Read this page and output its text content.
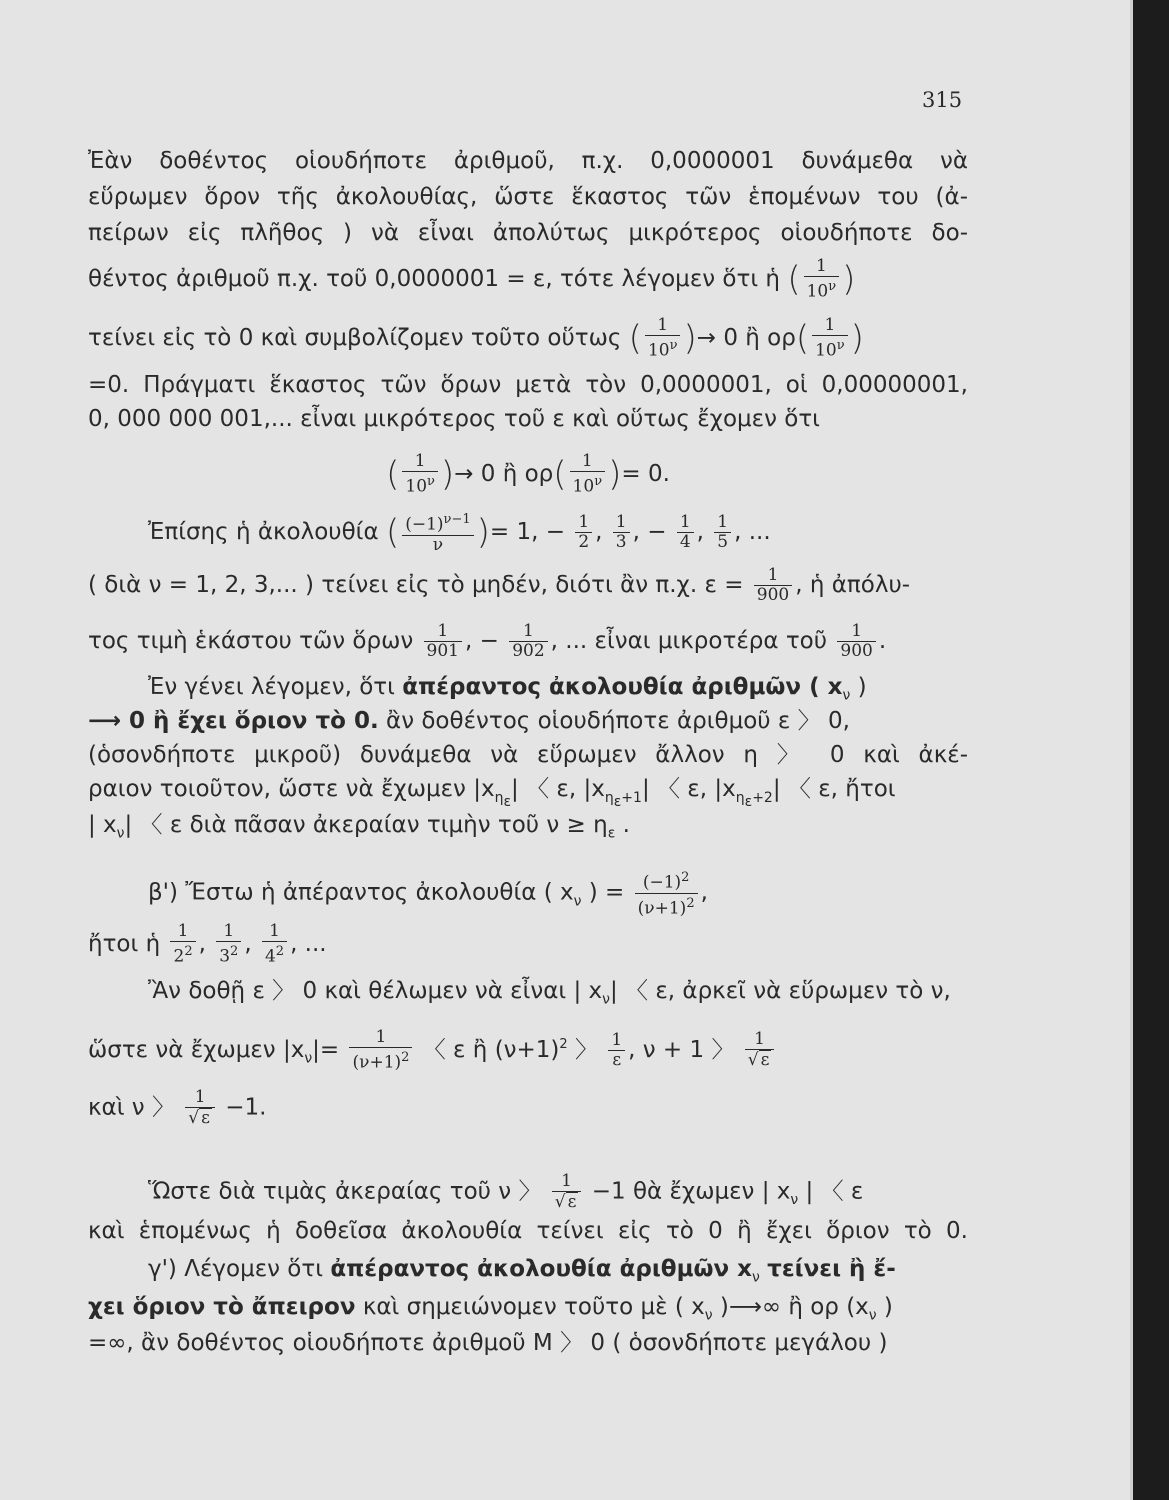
315
Ἐὰν δοθέντος οἱουδήποτε ἀριθμοῦ, π.χ. 0,0000001 δυνάμεθα νὰ
εὕρωμεν ὅρον τῆς ἀκολουθίας, ὥστε ἕκαστος τῶν ἑπομένων του (ἀ-
πείρων εἰς πλῆθος ) νὰ εἶναι ἀπολύτως μικρότερος οἱουδήποτε δο-
θέντος ἀριθμοῦ π.χ. τοῦ 0,0000001 = ε, τότε λέγομεν ὅτι ἡ ( $\frac{1}{10^\nu}$ )
τείνει εἰς τὸ 0 καὶ συμβολίζομεν τοῦτο οὕτως ( $\frac{1}{10^\nu}$ )→ 0 ἢ $o\rho( \frac{1}{10^\nu}$ )
=0. Πράγματι ἕκαστος τῶν ὅρων μετὰ τὸν 0,0000001, οἱ 0,00000001,
0, 000 000 001,... εἶναι μικρότερος τοῦ ε καὶ οὕτως ἔχομεν ὅτι
( $\frac{1}{10^\nu}$ )→ 0 ἢ $o\rho( \frac{1}{10^\nu}$ )= 0.
Ἐπίσης ἡ ἀκολουθία ( $\frac{(-1)^{\nu-1}}{\nu}$ )= 1, − $\frac{1}{2}$ , $\frac{1}{3}$ , − $\frac{1}{4}$ , $\frac{1}{5}$ , ...
( διὰ ν = 1, 2, 3,... ) τείνει εἰς τὸ μηδέν, διότι ἂν π.χ. $\varepsilon = \frac{1}{900}$ , ἡ ἀπόλυ-
τος τιμὴ ἑκάστου τῶν ὅρων $\frac{1}{901}$ , − $\frac{1}{902}$ , ... εἶναι μικροτέρα τοῦ $\frac{1}{900}$ .
Ἐν γένει λέγομεν, ὅτι ἀπέραντος ἀκολουθία ἀριθμῶν ( $x_\nu$ )
⟶ 0 ἢ ἔχει ὅριον τὸ 0. ἂν δοθέντος οἱουδήποτε ἀριθμοῦ ε 〉 0,
(ὁσονδήποτε μικροῦ) δυνάμεθα νὰ εὕρωμεν ἄλλον η 〉 0 καὶ ἀκέ-
ραιον τοιοῦτον, ὥστε νὰ ἔχωμεν $|x_{\eta_\varepsilon}|$ 〈 ε, $|x_{\eta_\varepsilon+1}|$ 〈 ε, $|x_{\eta_\varepsilon+2}|$ 〈 ε, ἤτοι
| $x_\nu|$ 〈 ε διὰ πᾶσαν ἀκεραίαν τιμὴν τοῦ $\nu \ge \eta_\varepsilon$ .
β') Ἔστω ἡ ἀπέραντος ἀκολουθία ( $x_\nu$ ) = $\frac{(-1)^2}{(\nu+1)^2}$ ,
ἤτοι ἡ $\frac{1}{2^2}$ , $\frac{1}{3^2}$ , $\frac{1}{4^2}$ , ...
Ἂν δοθῇ ε 〉 0 καὶ θέλωμεν νὰ εἶναι | $x_\nu|$ 〈 ε, ἀρκεῖ νὰ εὕρωμεν τὸ ν,
ὥστε νὰ ἔχωμεν $|x_\nu|= \frac{1}{(\nu+1)^2}$ 〈 ε ἢ $(\nu+1)^2$ 〉 $\frac{1}{\varepsilon}$ , ν + 1 〉 $\frac{1}{√ \varepsilon}$
καὶ ν 〉 $\frac{1}{√ \varepsilon} -1$.
Ὥστε διὰ τιμὰς ἀκεραίας τοῦ ν 〉 $\frac{1}{√ \varepsilon} -1$ θὰ ἔχωμεν | $x_\nu$ | 〈 ε
καὶ ἑπομένως ἡ δοθεῖσα ἀκολουθία τείνει εἰς τὸ 0 ἢ ἔχει ὅριον τὸ 0.
γ') Λέγομεν ὅτι ἀπέραντος ἀκολουθία ἀριθμῶν $x_\nu$ τείνει ἢ ἔ-
χει ὅριον τὸ ἄπειρον καὶ σημειώνομεν τοῦτο μὲ ( $x_\nu$ )⟶∞ ἢ ορ ($x_\nu$ )
=∞, ἂν δοθέντος οἱουδήποτε ἀριθμοῦ M 〉 0 ( ὁσονδήποτε μεγάλου )
